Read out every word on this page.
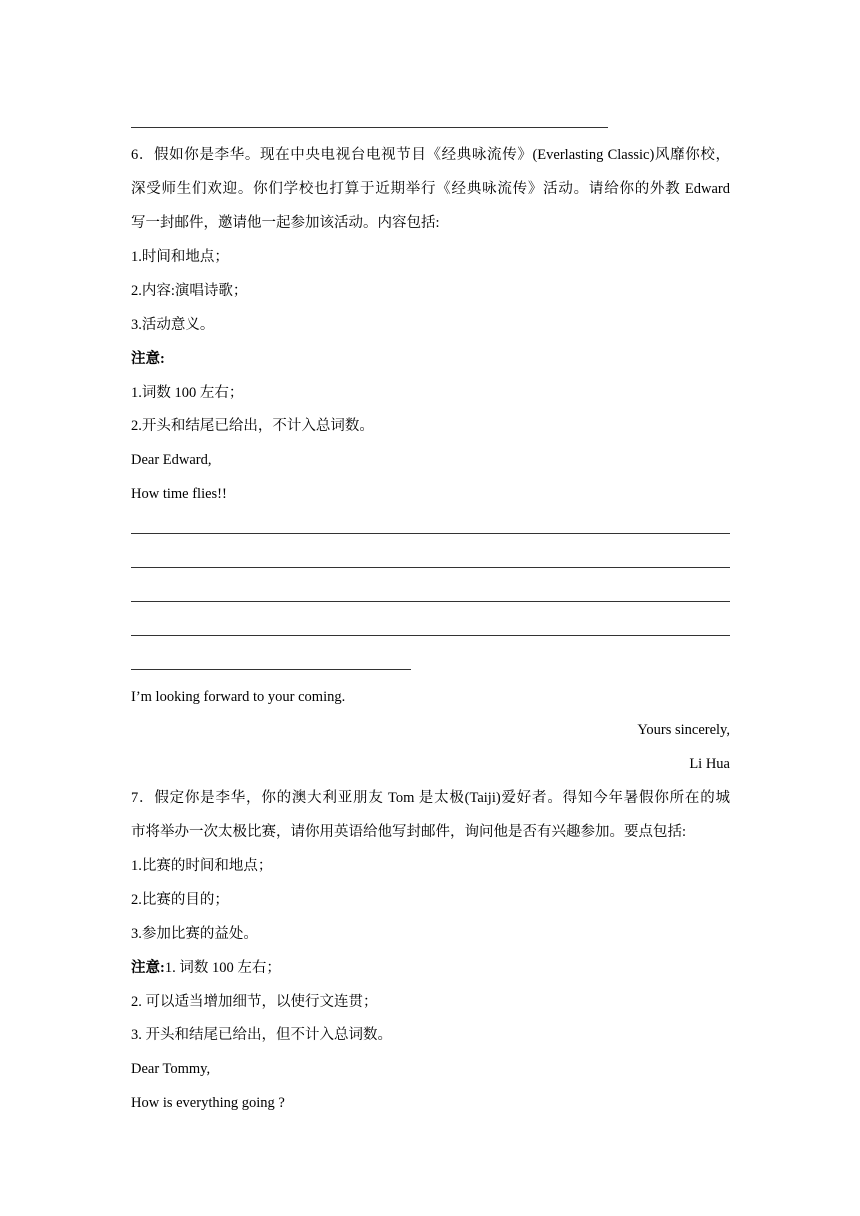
6．假如你是李华。现在中央电视台电视节目《经典咏流传》(Everlasting Classic)风靡你校，
深受师生们欢迎。你们学校也打算于近期举行《经典咏流传》活动。请给你的外教 Edward
写一封邮件，邀请他一起参加该活动。内容包括:
1.时间和地点；
2.内容:演唱诗歌；
3.活动意义。
注意:
1.词数 100 左右；
2.开头和结尾已给出，不计入总词数。
Dear Edward,
How time flies!!
I’m looking forward to your coming.
Yours sincerely,
Li Hua
7．假定你是李华，你的澳大利亚朋友 Tom 是太极(Taiji)爱好者。得知今年暑假你所在的城
市将举办一次太极比赛，请你用英语给他写封邮件，询问他是否有兴趣参加。要点包括:
1.比赛的时间和地点；
2.比赛的目的；
3.参加比赛的益处。
注意:1. 词数 100 左右；
2. 可以适当增加细节，以使行文连贯；
3. 开头和结尾已给出，但不计入总词数。
Dear Tommy,
How is everything going ?
